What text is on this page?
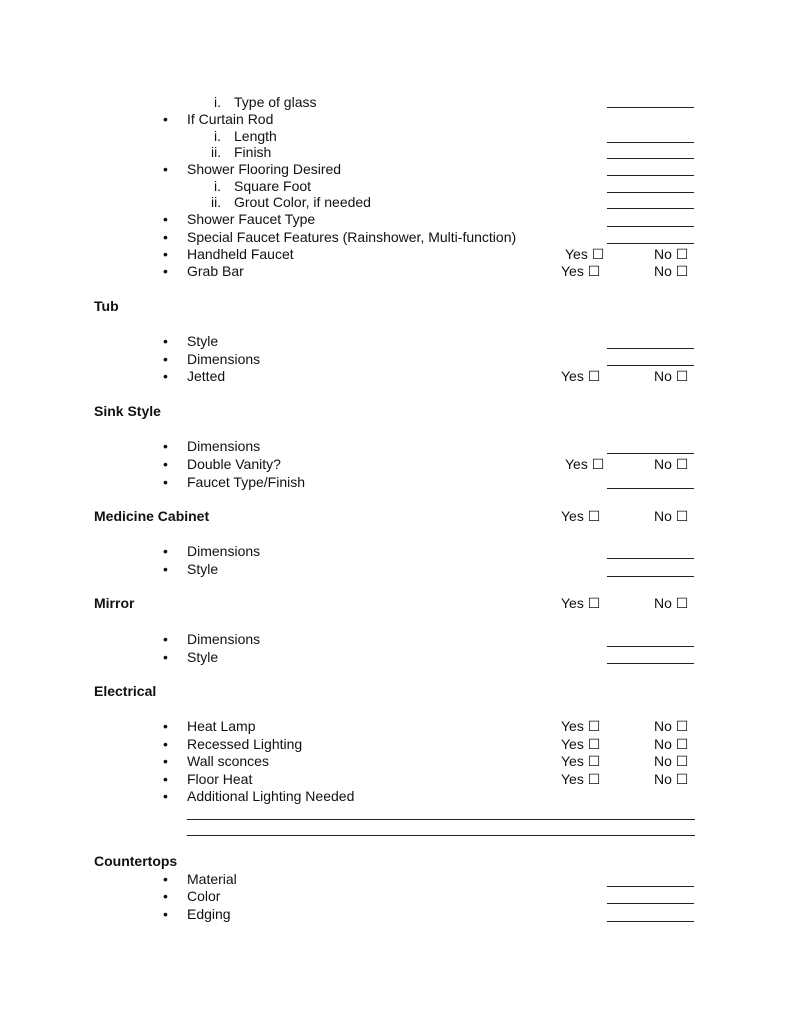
i. Type of glass
• If Curtain Rod
i. Length
ii. Finish
• Shower Flooring Desired
i. Square Foot
ii. Grout Color, if needed
• Shower Faucet Type
• Special Faucet Features (Rainshower, Multi-function)
• Handheld Faucet	Yes ☐	No ☐
• Grab Bar	Yes ☐	No ☐
Tub
• Style
• Dimensions
• Jetted	Yes ☐	No ☐
Sink Style
• Dimensions
• Double Vanity?	Yes ☐	No ☐
• Faucet Type/Finish
Medicine Cabinet	Yes ☐	No ☐
• Dimensions
• Style
Mirror	Yes ☐	No ☐
• Dimensions
• Style
Electrical
• Heat Lamp	Yes ☐	No ☐
• Recessed Lighting	Yes ☐	No ☐
• Wall sconces	Yes ☐	No ☐
• Floor Heat	Yes ☐	No ☐
• Additional Lighting Needed
Countertops
• Material
• Color
• Edging
